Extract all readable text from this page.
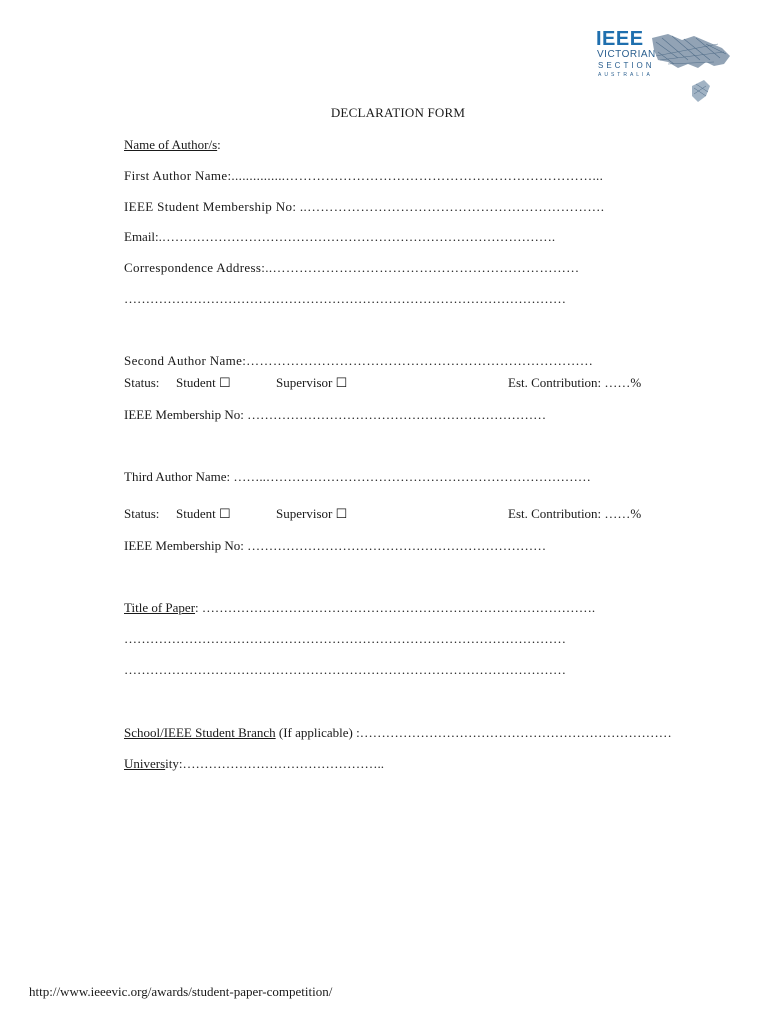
IEEE
VICTORIAN
SECTION
AUSTRALIA
DECLARATION FORM
Name of Author/s:
First Author Name:...............……………………………………………………………...
IEEE Student Membership No: ..………………………………………………………….
Email:.……………………………………………………………………………….
Correspondence Address:..……………………………………………………………
…………………………………………………………………………………………
Second Author Name:……………………………………………………………………
Status: Student ☐	Supervisor ☐	Est. Contribution: ……%
IEEE Membership No: ……………………………………………………………
Third Author Name: ……..…………………………………………………………………
Status: Student ☐	Supervisor ☐	Est. Contribution: ……%
IEEE Membership No: ……………………………………………………………
Title of Paper: ……………………………………………………………………………….
…………………………………………………………………………………………
…………………………………………………………………………………………
School/IEEE Student Branch (If applicable) :………………………………………………………………
University:………………………………………..
http://www.ieeevic.org/awards/student-paper-competition/
